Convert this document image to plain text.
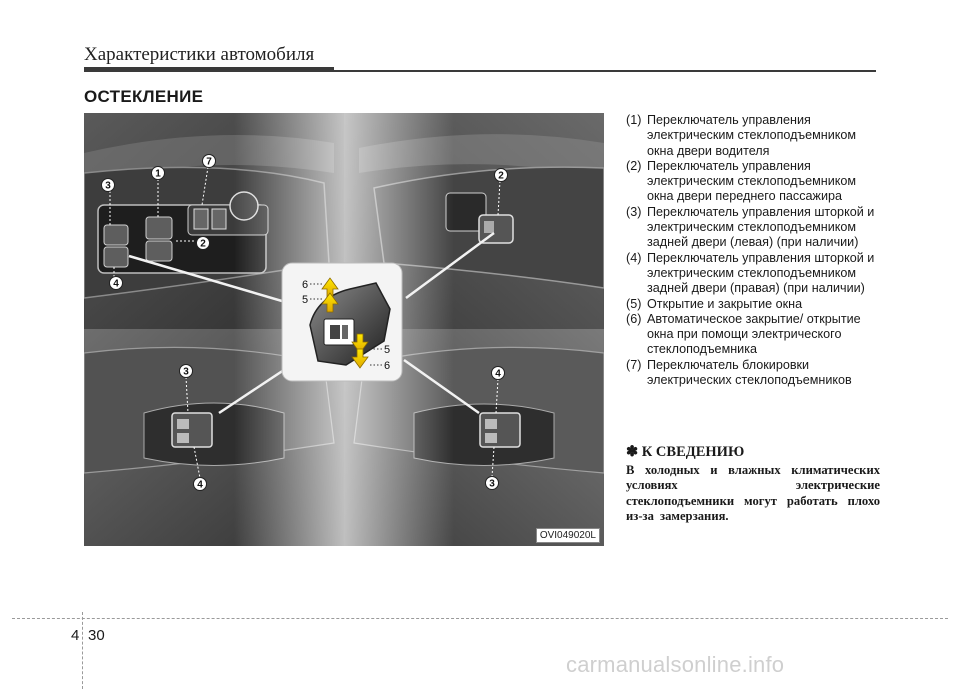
Характеристики автомобиля
ОСТЕКЛЕНИЕ
6
5
5
6
3
1
7
2
4
2
3
4
4
3
OVI049020L
(1) Переключатель управления электрическим стеклоподъемником окна двери водителя
(2) Переключатель управления электрическим стеклоподъемником окна двери переднего пассажира
(3) Переключатель управления шторкой и электрическим стеклоподъемником задней двери (левая) (при наличии)
(4) Переключатель управления шторкой и электрическим стеклоподъемником задней двери (правая) (при наличии)
(5) Открытие и закрытие окна
(6) Автоматическое закрытие/ открытие окна при помощи электрического стеклоподъемника
(7) Переключатель блокировки электрических стеклоподъемников
✽ К СВЕДЕНИЮ
В холодных и влажных климатических условиях электрические стеклоподъемники могут работать плохо из-за замерзания.
4 30
carmanualsonline.info
